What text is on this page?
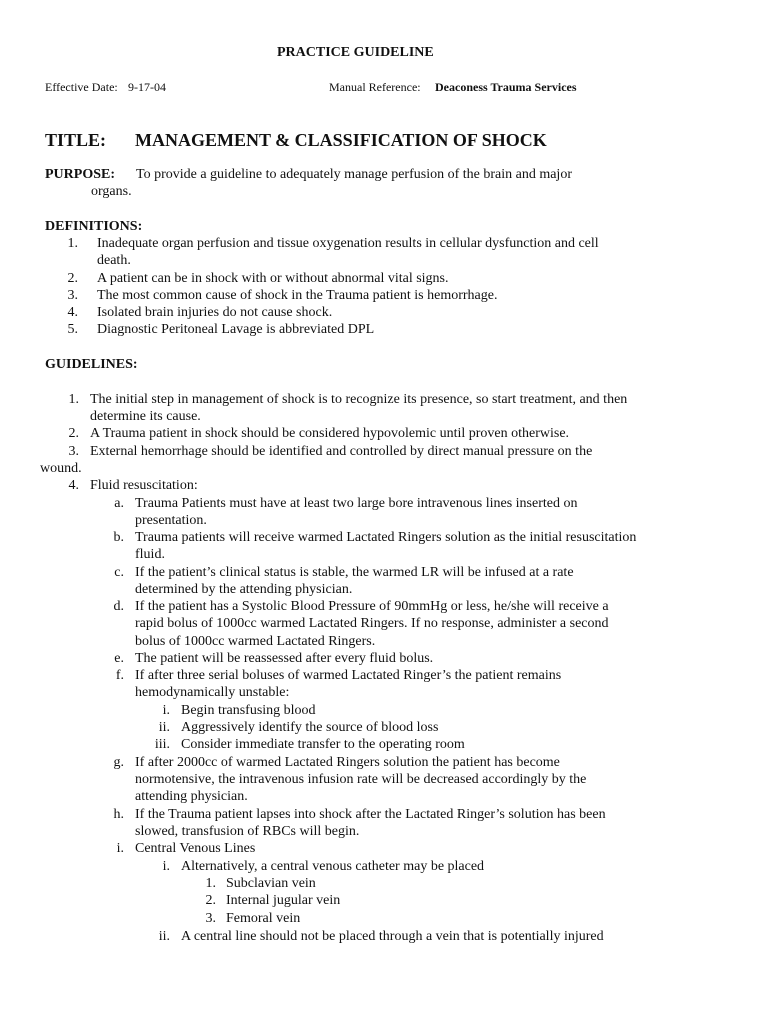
PRACTICE GUIDELINE
Effective Date: 9-17-04	Manual Reference: Deaconess Trauma Services
TITLE: MANAGEMENT & CLASSIFICATION OF SHOCK
PURPOSE: To provide a guideline to adequately manage perfusion of the brain and major
organs.
DEFINITIONS:
1. Inadequate organ perfusion and tissue oxygenation results in cellular dysfunction and cell
death.
2. A patient can be in shock with or without abnormal vital signs.
3. The most common cause of shock in the Trauma patient is hemorrhage.
4. Isolated brain injuries do not cause shock.
5. Diagnostic Peritoneal Lavage is abbreviated DPL
GUIDELINES:
1. The initial step in management of shock is to recognize its presence, so start treatment, and then
determine its cause.
2. A Trauma patient in shock should be considered hypovolemic until proven otherwise.
3. External hemorrhage should be identified and controlled by direct manual pressure on the
wound.
4. Fluid resuscitation:
a. Trauma Patients must have at least two large bore intravenous lines inserted on
presentation.
b. Trauma patients will receive warmed Lactated Ringers solution as the initial resuscitation
fluid.
c. If the patient’s clinical status is stable, the warmed LR will be infused at a rate
determined by the attending physician.
d. If the patient has a Systolic Blood Pressure of 90mmHg or less, he/she will receive a
rapid bolus of 1000cc warmed Lactated Ringers. If no response, administer a second
bolus of 1000cc warmed Lactated Ringers.
e. The patient will be reassessed after every fluid bolus.
f. If after three serial boluses of warmed Lactated Ringer’s the patient remains
hemodynamically unstable:
i. Begin transfusing blood
ii. Aggressively identify the source of blood loss
iii. Consider immediate transfer to the operating room
g. If after 2000cc of warmed Lactated Ringers solution the patient has become
normotensive, the intravenous infusion rate will be decreased accordingly by the
attending physician.
h. If the Trauma patient lapses into shock after the Lactated Ringer’s solution has been
slowed, transfusion of RBCs will begin.
i. Central Venous Lines
i. Alternatively, a central venous catheter may be placed
1. Subclavian vein
2. Internal jugular vein
3. Femoral vein
ii. A central line should not be placed through a vein that is potentially injured
